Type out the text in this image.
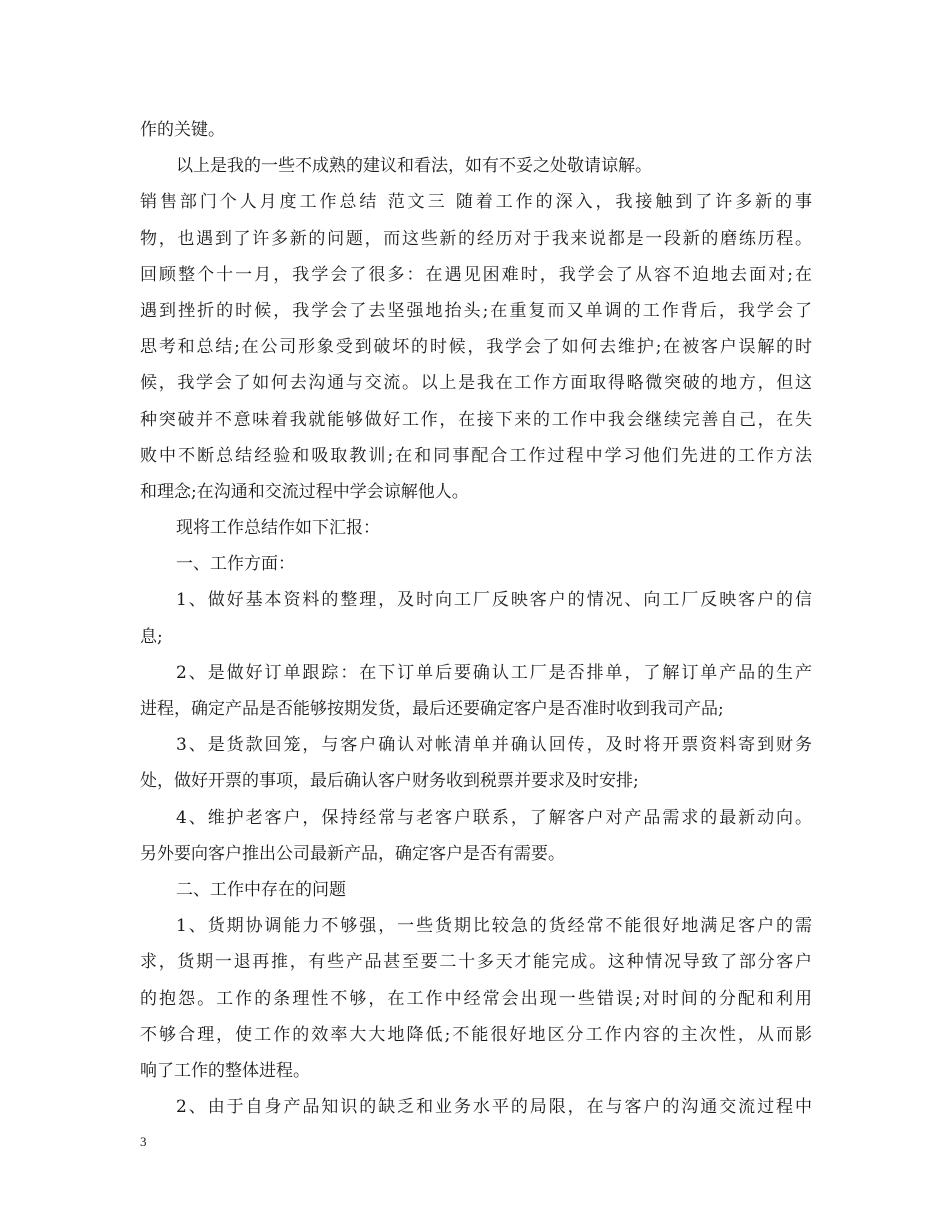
作的关键。
以上是我的一些不成熟的建议和看法，如有不妥之处敬请谅解。
销售部门个人月度工作总结 范文三 随着工作的深入，我接触到了许多新的事
物，也遇到了许多新的问题，而这些新的经历对于我来说都是一段新的磨练历程。
回顾整个十一月，我学会了很多：在遇见困难时，我学会了从容不迫地去面对;在
遇到挫折的时候，我学会了去坚强地抬头;在重复而又单调的工作背后，我学会了
思考和总结;在公司形象受到破坏的时候，我学会了如何去维护;在被客户误解的时
候，我学会了如何去沟通与交流。以上是我在工作方面取得略微突破的地方，但这
种突破并不意味着我就能够做好工作，在接下来的工作中我会继续完善自己，在失
败中不断总结经验和吸取教训;在和同事配合工作过程中学习他们先进的工作方法
和理念;在沟通和交流过程中学会谅解他人。
现将工作总结作如下汇报：
一、工作方面：
1、做好基本资料的整理，及时向工厂反映客户的情况、向工厂反映客户的信
息;
2、是做好订单跟踪：在下订单后要确认工厂是否排单，了解订单产品的生产
进程，确定产品是否能够按期发货，最后还要确定客户是否准时收到我司产品;
3、是货款回笼，与客户确认对帐清单并确认回传，及时将开票资料寄到财务
处，做好开票的事项，最后确认客户财务收到税票并要求及时安排;
4、维护老客户，保持经常与老客户联系，了解客户对产品需求的最新动向。
另外要向客户推出公司最新产品，确定客户是否有需要。
二、工作中存在的问题
1、货期协调能力不够强，一些货期比较急的货经常不能很好地满足客户的需
求，货期一退再推，有些产品甚至要二十多天才能完成。这种情况导致了部分客户
的抱怨。工作的条理性不够，在工作中经常会出现一些错误;对时间的分配和利用
不够合理，使工作的效率大大地降低;不能很好地区分工作内容的主次性，从而影
响了工作的整体进程。
2、由于自身产品知识的缺乏和业务水平的局限，在与客户的沟通交流过程中
3
